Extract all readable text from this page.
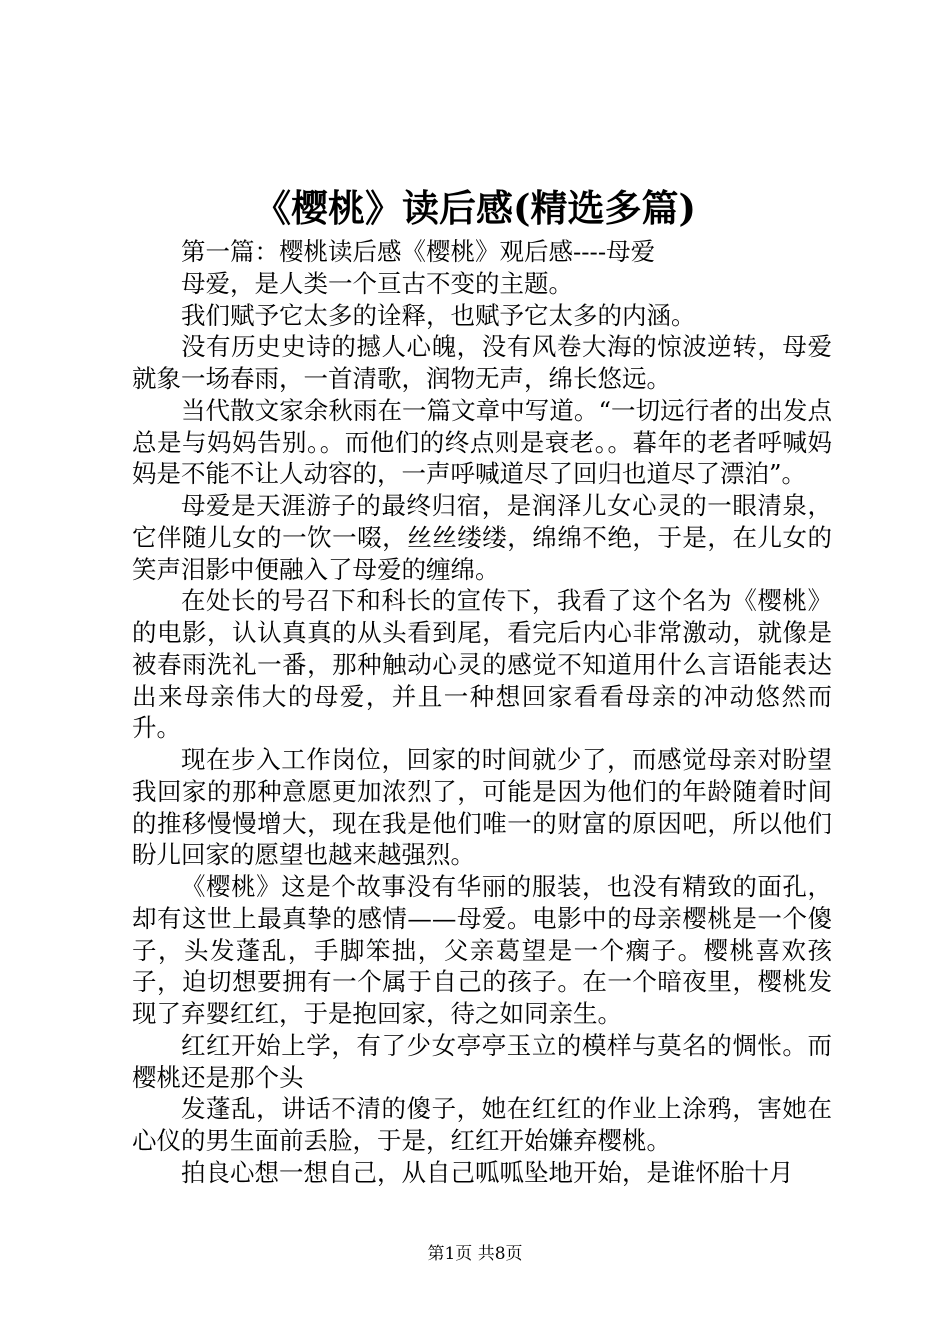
《樱桃》读后感(精选多篇)

第一篇：樱桃读后感《樱桃》观后感----母爱

母爱，是人类一个亘古不变的主题。

我们赋予它太多的诠释，也赋予它太多的内涵。

没有历史史诗的撼人心魄，没有风卷大海的惊波逆转，母爱就象一场春雨，一首清歌，润物无声，绵长悠远。

当代散文家余秋雨在一篇文章中写道。“一切远行者的出发点总是与妈妈告别。。而他们的终点则是衰老。。暮年的老者呼喊妈妈是不能不让人动容的，一声呼喊道尽了回归也道尽了漂泊”。

母爱是天涯游子的最终归宿，是润泽儿女心灵的一眼清泉，它伴随儿女的一饮一啜，丝丝缕缕，绵绵不绝，于是，在儿女的笑声泪影中便融入了母爱的缠绵。

在处长的号召下和科长的宣传下，我看了这个名为《樱桃》的电影，认认真真的从头看到尾，看完后内心非常激动，就像是被春雨洗礼一番，那种触动心灵的感觉不知道用什么言语能表达出来母亲伟大的母爱，并且一种想回家看看母亲的冲动悠然而升。

现在步入工作岗位，回家的时间就少了，而感觉母亲对盼望我回家的那种意愿更加浓烈了，可能是因为他们的年龄随着时间的推移慢慢增大，现在我是他们唯一的财富的原因吧，所以他们盼儿回家的愿望也越来越强烈。

《樱桃》这是个故事没有华丽的服装，也没有精致的面孔，却有这世上最真挚的感情——母爱。电影中的母亲樱桃是一个傻子，头发蓬乱，手脚笨拙，父亲葛望是一个瘸子。樱桃喜欢孩子，迫切想要拥有一个属于自己的孩子。在一个暗夜里，樱桃发现了弃婴红红，于是抱回家，待之如同亲生。

红红开始上学，有了少女亭亭玉立的模样与莫名的惆怅。而樱桃还是那个头

发蓬乱，讲话不清的傻子，她在红红的作业上涂鸦，害她在心仪的男生面前丢脸，于是，红红开始嫌弃樱桃。

拍良心想一想自己，从自己呱呱坠地开始，是谁怀胎十月

第1页 共8页
